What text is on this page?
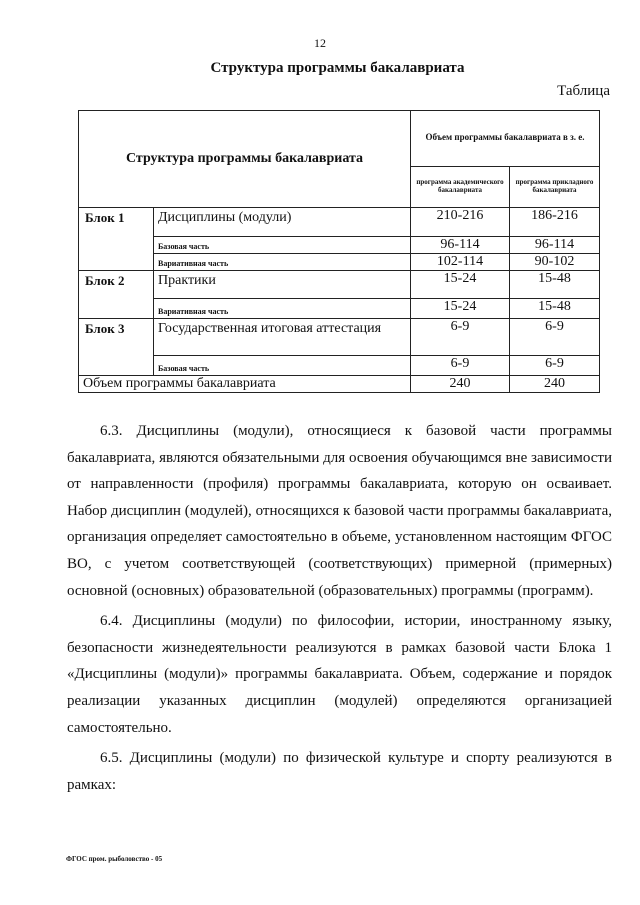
12
Структура программы бакалавриата
Таблица
Структура программы бакалавриата		Объем программы бакалавриата в з. е.	
		программа академического бакалавриата	программа прикладного бакалавриата
Блок 1	Дисциплины (модули)	210-216	186-216
	Базовая часть	96-114	96-114
	Вариативная часть	102-114	90-102
Блок 2	Практики	15-24	15-48
	Вариативная часть	15-24	15-48
Блок 3	Государственная итоговая аттестация	6-9	6-9
	Базовая часть	6-9	6-9
Объем программы бакалавриата		240	240

6.3. Дисциплины (модули), относящиеся к базовой части программы бакалавриата, являются обязательными для освоения обучающимся вне зависимости от направленности (профиля) программы бакалавриата, которую он осваивает. Набор дисциплин (модулей), относящихся к базовой части программы бакалавриата, организация определяет самостоятельно в объеме, установленном настоящим ФГОС ВО, с учетом соответствующей (соответствующих) примерной (примерных) основной (основных) образовательной (образовательных) программы (программ).

6.4. Дисциплины (модули) по философии, истории, иностранному языку, безопасности жизнедеятельности реализуются в рамках базовой части Блока 1 «Дисциплины (модули)» программы бакалавриата. Объем, содержание и порядок реализации указанных дисциплин (модулей) определяются организацией самостоятельно.

6.5. Дисциплины (модули) по физической культуре и спорту реализуются в рамках:

ФГОС пром. рыболовство - 05
